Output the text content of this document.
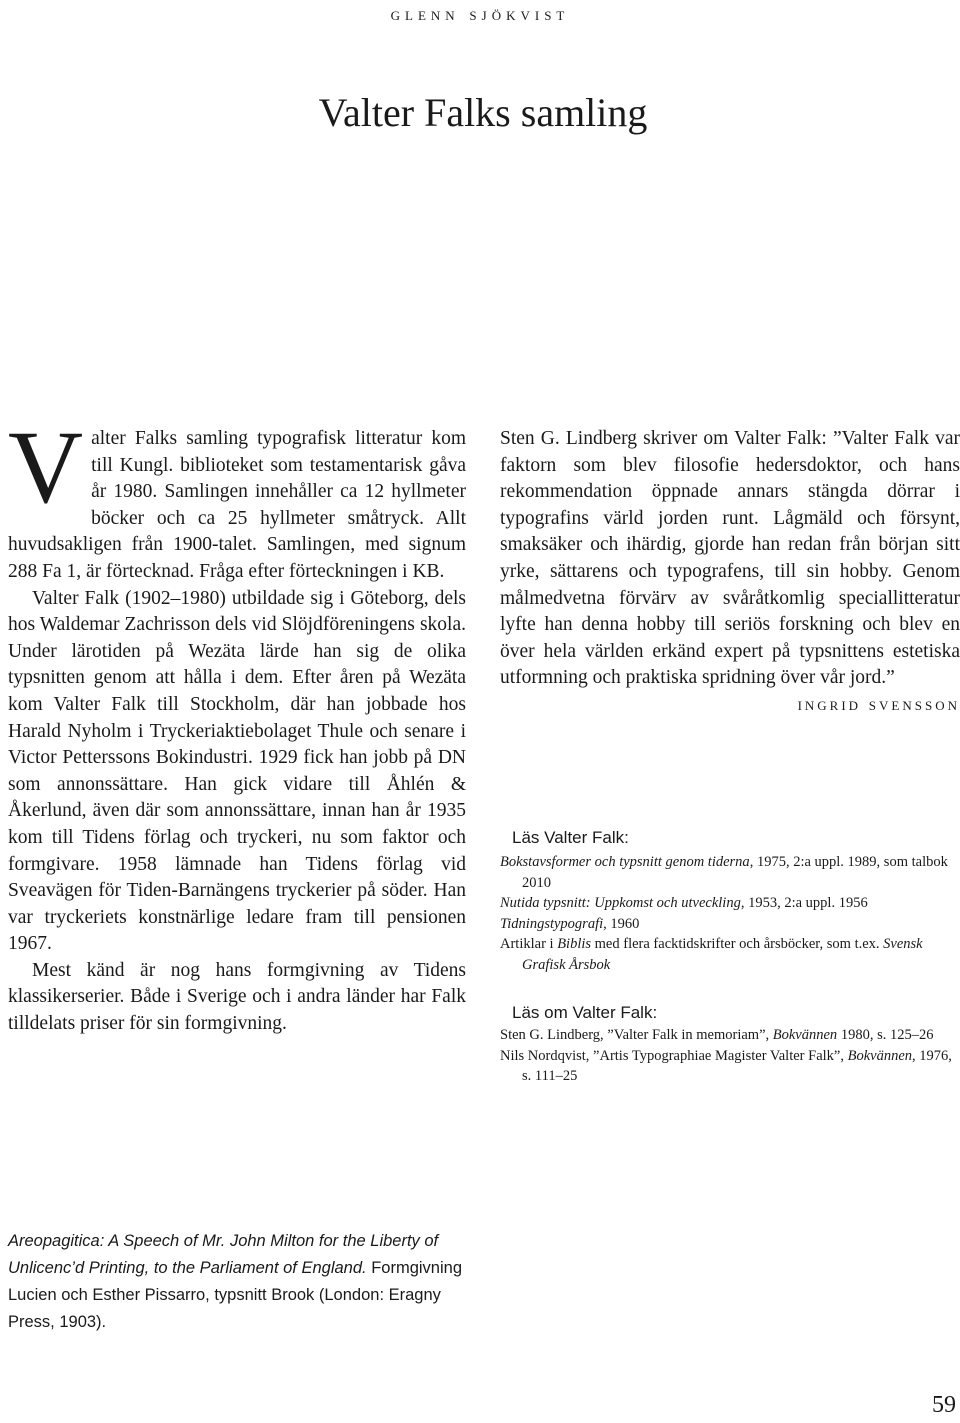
glenn sjökvist
Valter Falks samling

Valter Falks samling typografisk litteratur kom till Kungl. biblioteket som testamentarisk gåva år 1980. Samlingen innehåller ca 12 hyllmeter böcker och ca 25 hyllmeter småtryck. Allt huvudsakligen från 1900-talet. Samlingen, med signum 288 Fa 1, är förtecknad. Fråga efter förteckningen i KB.

Valter Falk (1902–1980) utbildade sig i Göteborg, dels hos Waldemar Zachrisson dels vid Slöjdföreningens skola. Under lärotiden på Wezäta lärde han sig de olika typsnitten genom att hålla i dem. Efter åren på Wezäta kom Valter Falk till Stockholm, där han jobbade hos Harald Nyholm i Tryckeriaktiebolaget Thule och senare i Victor Petterssons Bokindustri. 1929 fick han jobb på DN som annonssättare. Han gick vidare till Åhlén & Åkerlund, även där som annonssättare, innan han år 1935 kom till Tidens förlag och tryckeri, nu som faktor och formgivare. 1958 lämnade han Tidens förlag vid Sveavägen för Tiden-Barnängens tryckerier på söder. Han var tryckeriets konstnärlige ledare fram till pensionen 1967.

Mest känd är nog hans formgivning av Tidens klassikerserier. Både i Sverige och i andra länder har Falk tilldelats priser för sin formgivning.

Sten G. Lindberg skriver om Valter Falk: ”Valter Falk var faktorn som blev filosofie hedersdoktor, och hans rekommendation öppnade annars stängda dörrar i typografins värld jorden runt. Lågmäld och försynt, smaksäker och ihärdig, gjorde han redan från början sitt yrke, sättarens och typografens, till sin hobby. Genom målmedvetna förvärv av svåråtkomlig speciallitteratur lyfte han denna hobby till seriös forskning och blev en över hela världen erkänd expert på typsnittens estetiska utformning och praktiska spridning över vår jord.”
ingrid svensson

Läs Valter Falk:

Bokstavsformer och typsnitt genom tiderna, 1975, 2:a uppl. 1989, som talbok 2010

Nutida typsnitt: Uppkomst och utveckling, 1953, 2:a uppl. 1956

Tidningstypografi, 1960

Artiklar i Biblis med flera facktidskrifter och årsböcker, som t.ex. Svensk Grafisk Årsbok

Läs om Valter Falk:

Sten G. Lindberg, ”Valter Falk in memoriam”, Bokvännen 1980, s. 125–26

Nils Nordqvist, ”Artis Typographiae Magister Valter Falk”, Bokvännen, 1976, s. 111–25

Areopagitica: A Speech of Mr. John Milton for the Liberty of Unlicenc’d Printing, to the Parliament of England. Formgivning Lucien och Esther Pissarro, typsnitt Brook (London: Eragny Press, 1903).
59
